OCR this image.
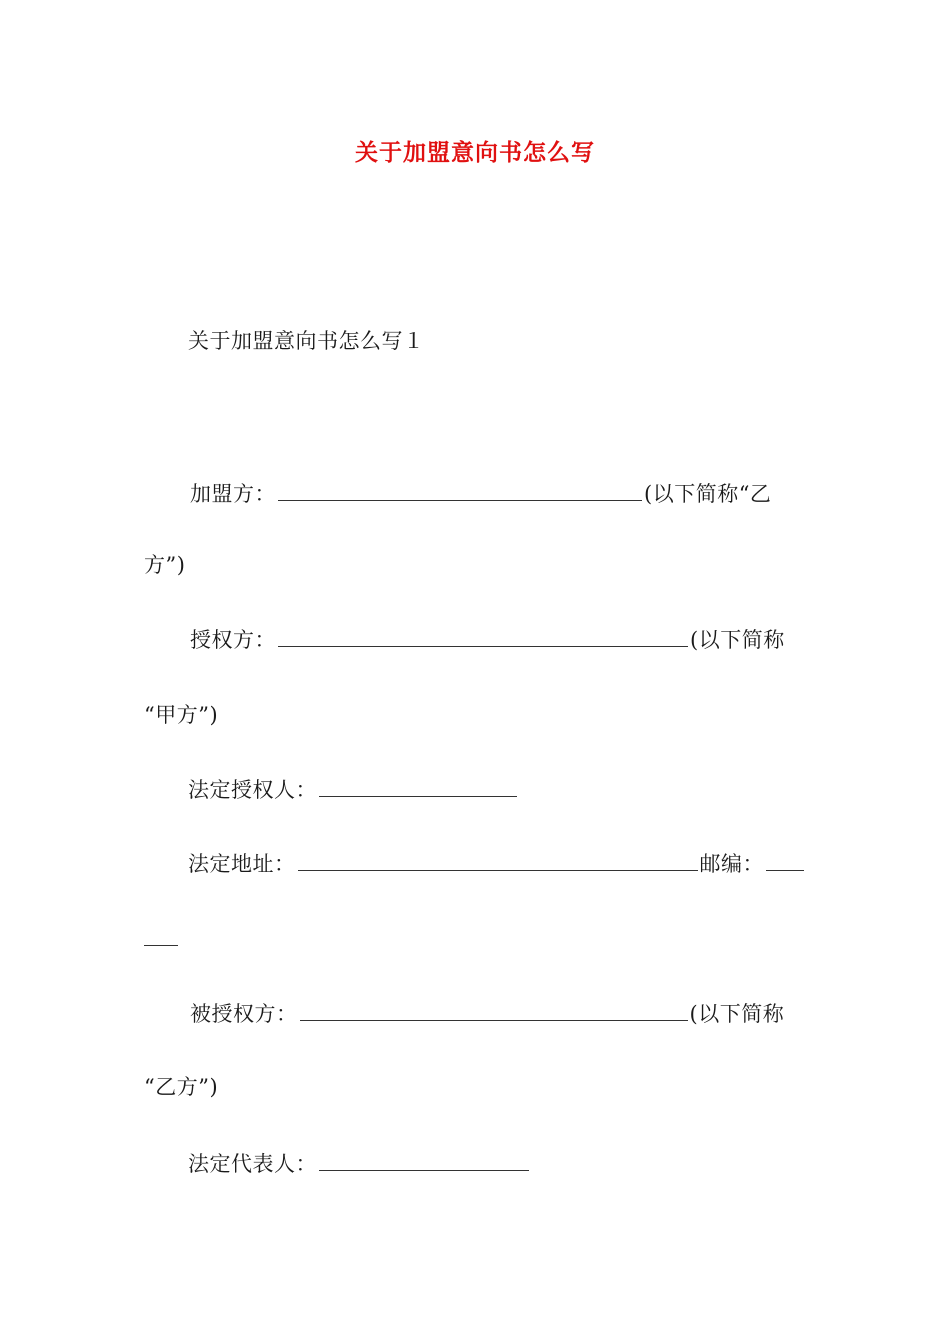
关于加盟意向书怎么写
关于加盟意向书怎么写１
加盟方：	(以下简称“乙
方”)
授权方：	(以下简称
“甲方”)
法定授权人：
法定地址：	邮编：
被授权方：	(以下简称
“乙方”)
法定代表人：
